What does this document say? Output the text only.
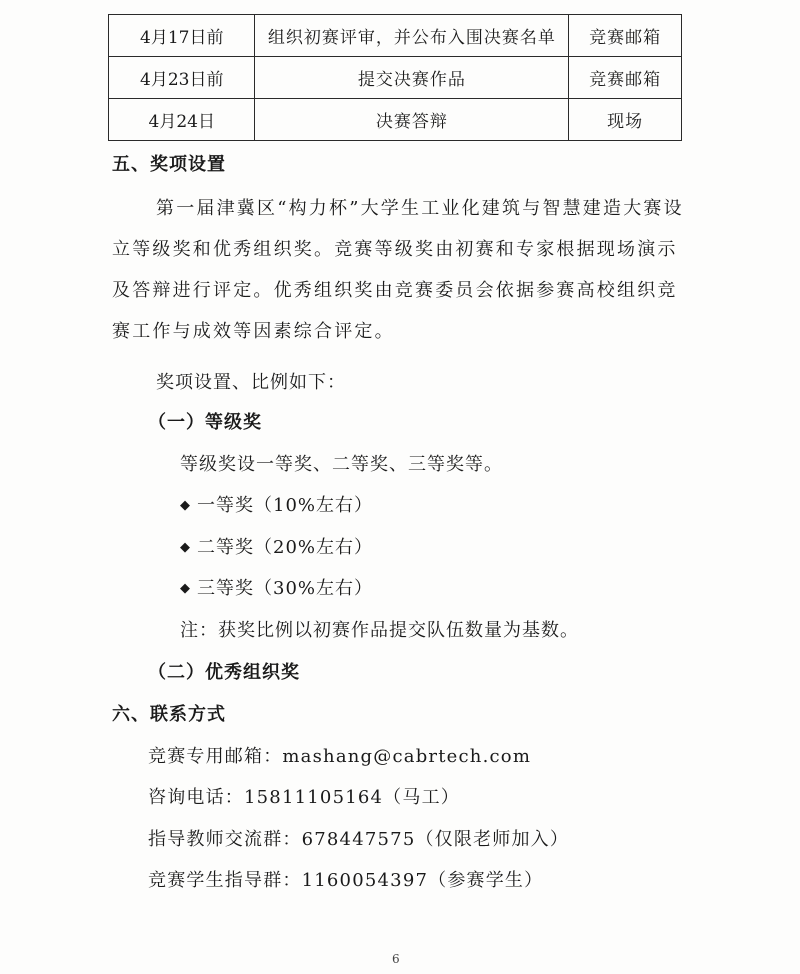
4月17日前	组织初赛评审，并公布入围决赛名单	竞赛邮箱
4月23日前	提交决赛作品	竞赛邮箱
4月24日	决赛答辩	现场
五、奖项设置
第一届津冀区“构力杯”大学生工业化建筑与智慧建造大赛设立等级奖和优秀组织奖。竞赛等级奖由初赛和专家根据现场演示及答辩进行评定。优秀组织奖由竞赛委员会依据参赛高校组织竞赛工作与成效等因素综合评定。
奖项设置、比例如下：
（一）等级奖
等级奖设一等奖、二等奖、三等奖等。
◆ 一等奖（10%左右）
◆ 二等奖（20%左右）
◆ 三等奖（30%左右）
注：获奖比例以初赛作品提交队伍数量为基数。
（二）优秀组织奖
六、联系方式
竞赛专用邮箱：mashang@cabrtech.com
咨询电话：15811105164（马工）
指导教师交流群：678447575（仅限老师加入）
竞赛学生指导群：1160054397（参赛学生）
6
